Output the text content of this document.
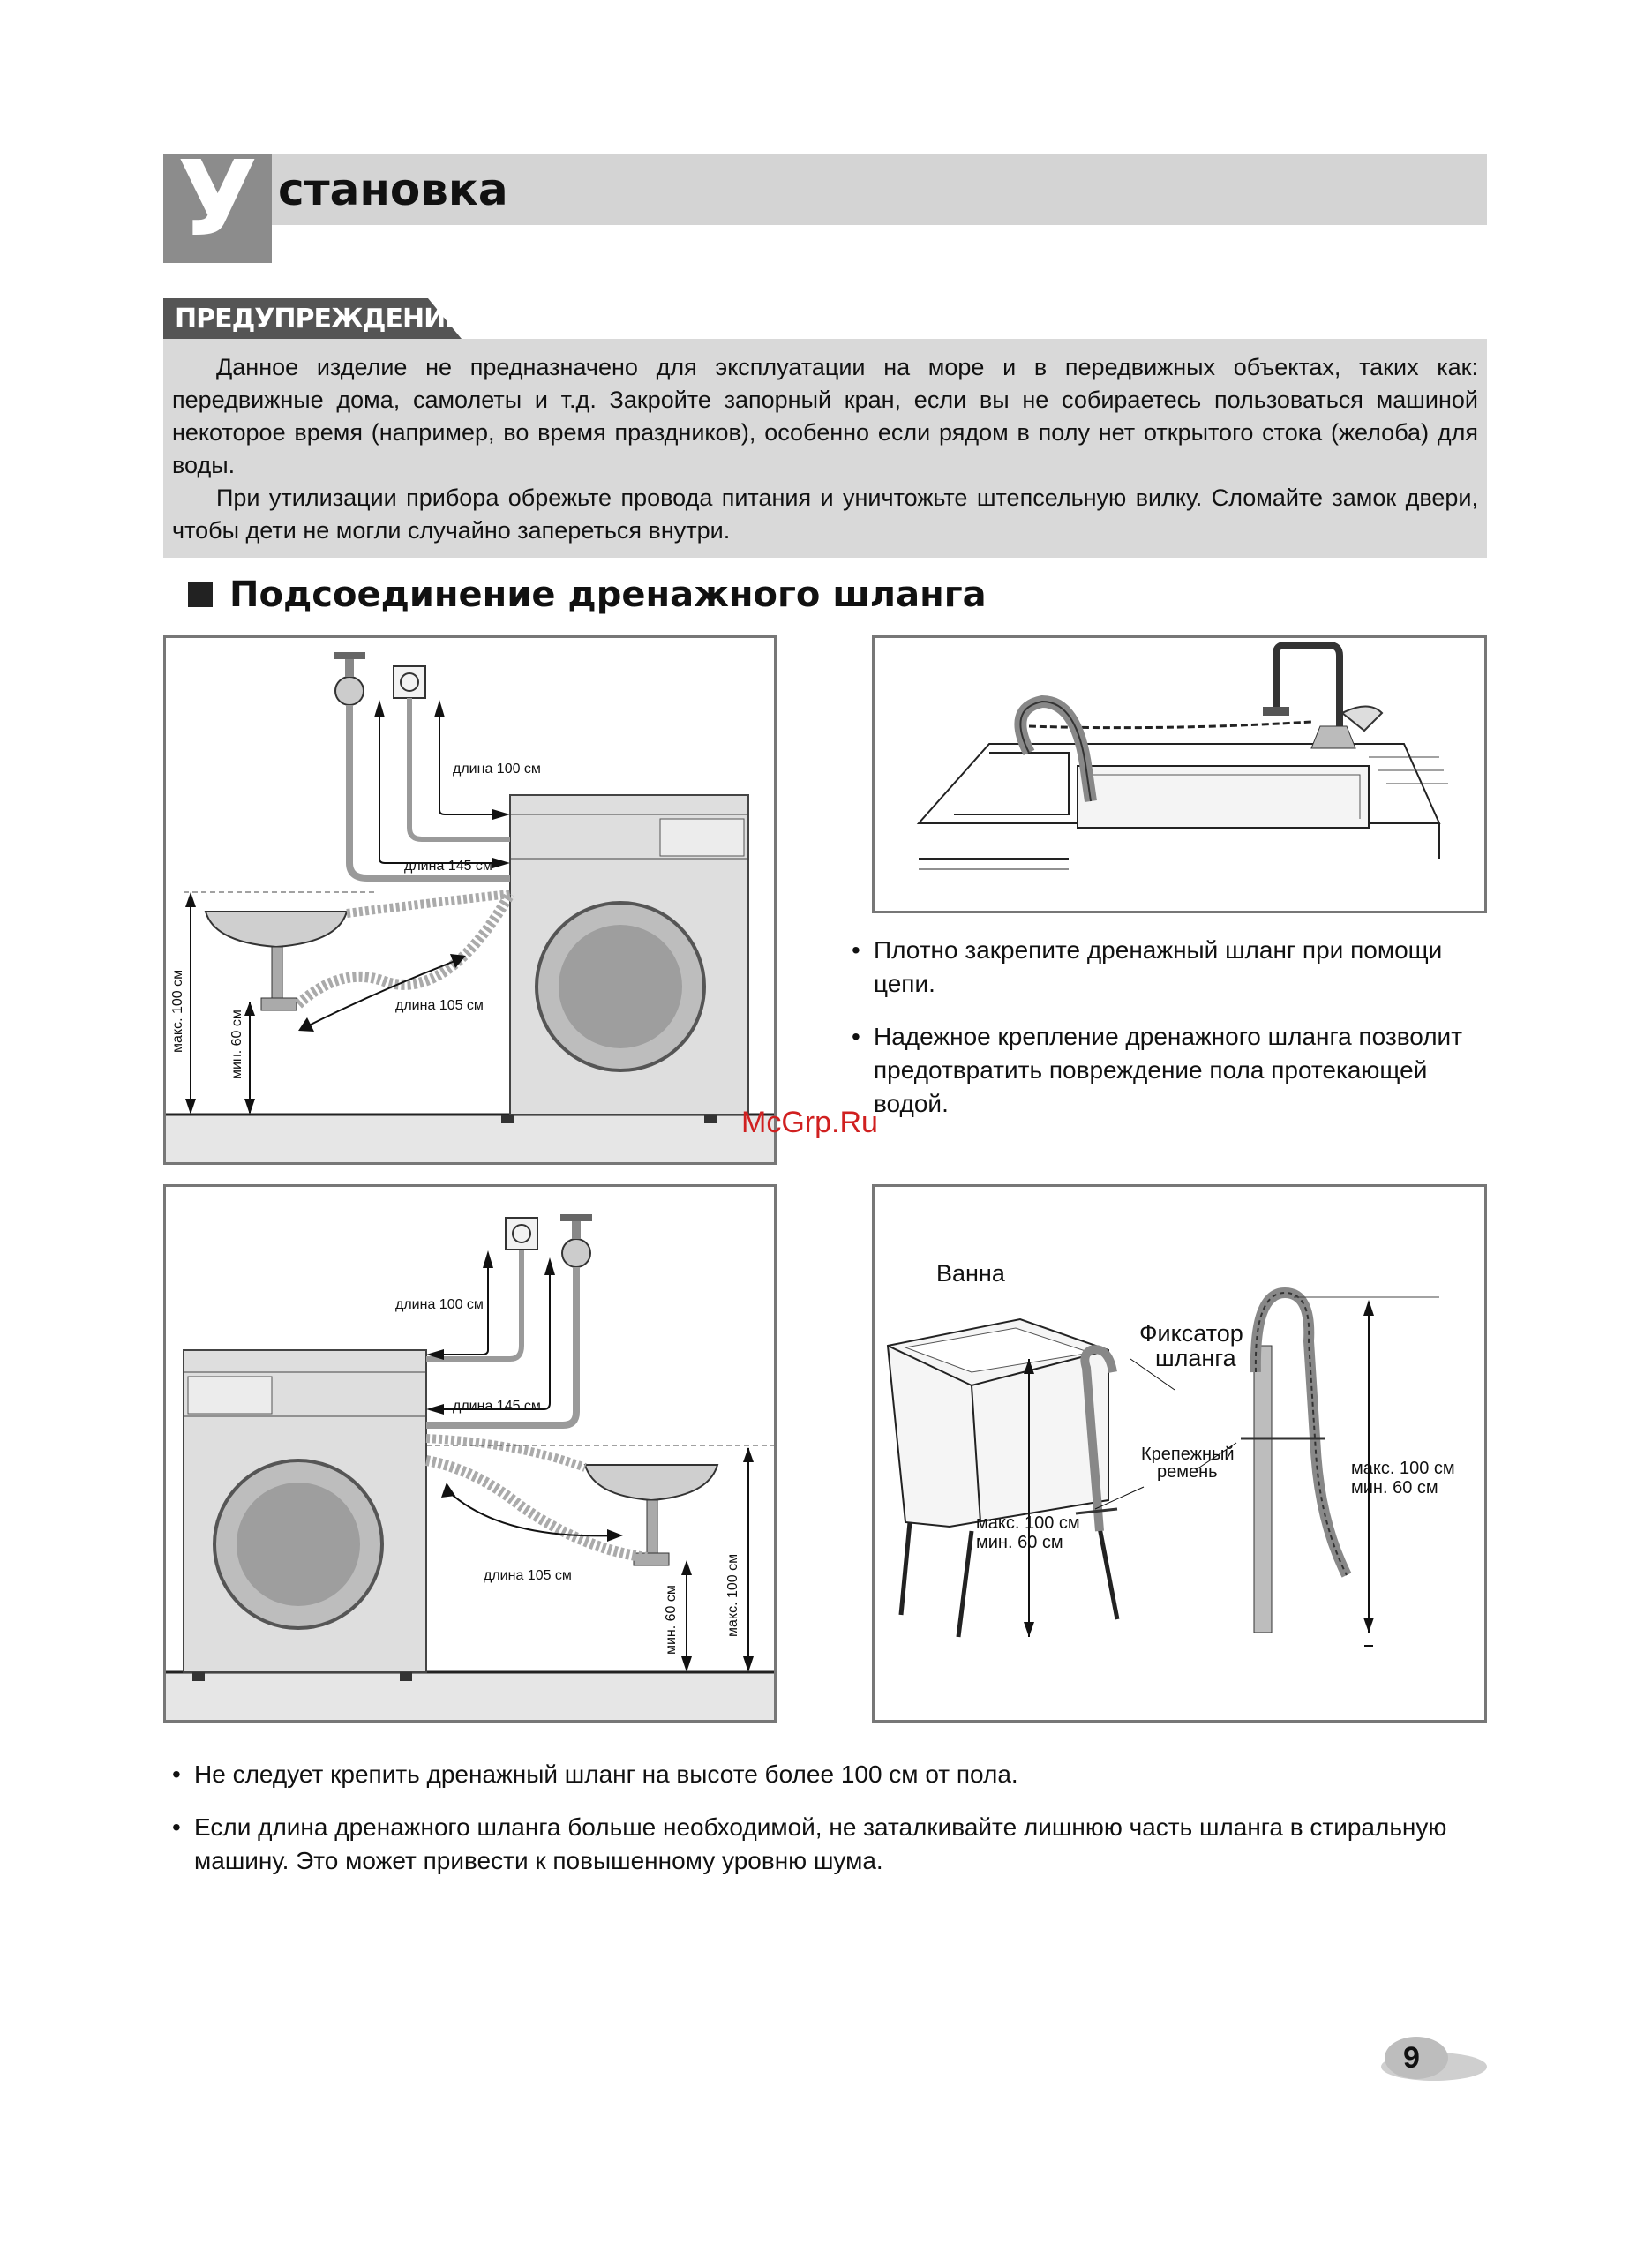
У становка
ПРЕДУПРЕЖДЕНИЕ

Данное изделие не предназначено для эксплуатации на море и в передвижных объектах, таких как: передвижные дома, самолеты и т.д. Закройте запорный кран, если вы не собираетесь пользоваться машиной некоторое время (например, во время праздников), особенно если рядом в полу нет открытого стока (желоба) для воды.

При утилизации прибора обрежьте провода питания и уничтожьте штепсельную вилку. Сломайте замок двери, чтобы дети не могли случайно запереться внутри.

Подсоединение дренажного шланга
длина 100 см
длина 145 см
длина 105 см
макс. 100 см	мин. 60 см
• Плотно закрепите дренажный шланг при помощи цепи.
• Надежное крепление дренажного шланга позволит предотвратить повреждение пола протекающей водой.
McGrp.Ru
длина 100 см
длина 145 см
длина 105 см
мин. 60 см	макс. 100 см
Ванна
Фиксатор
шланга
Крепежный
ремень
макс. 100 см
мин. 60 см
макс. 100 см
мин. 60 см
• Не следует крепить дренажный шланг на высоте более 100 см от пола.
• Если длина дренажного шланга больше необходимой, не заталкивайте лишнюю часть шланга в стиральную машину. Это может привести к повышенному уровню шума.
9
